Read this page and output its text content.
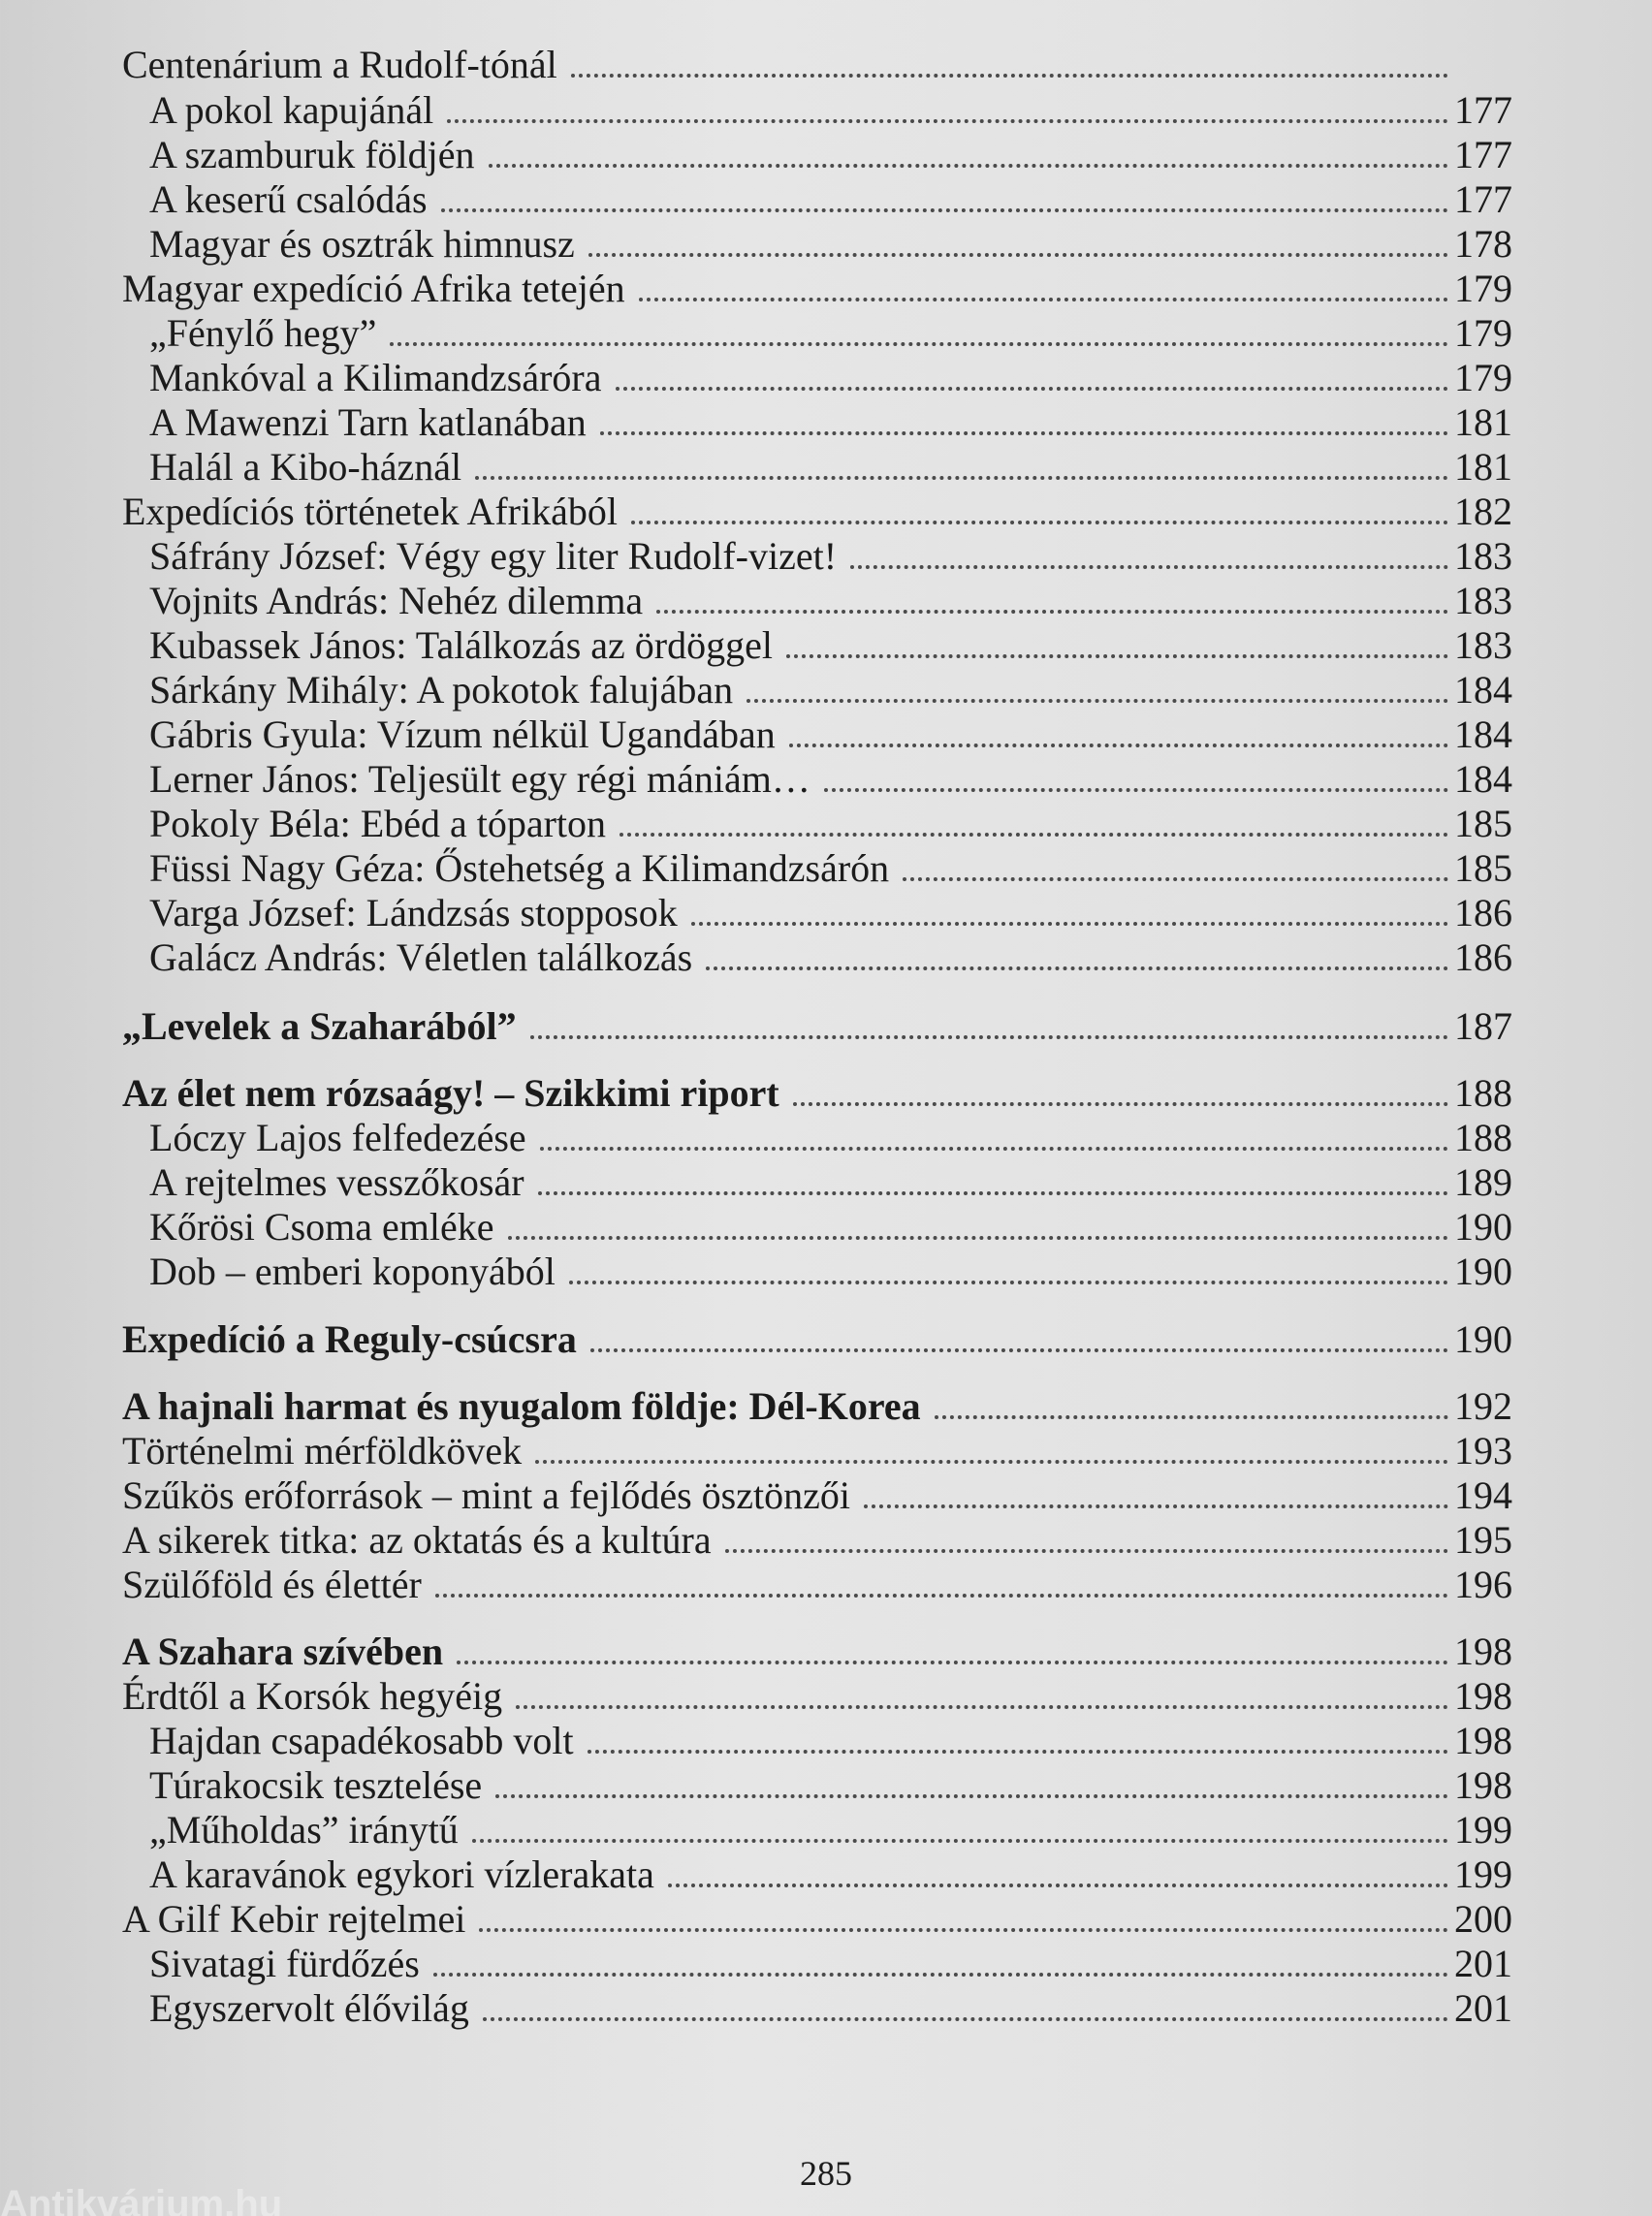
Centenárium a Rudolf-tónál
A pokol kapujánál	177
A szamburuk földjén	177
A keserű csalódás	177
Magyar és osztrák himnusz	178
Magyar expedíció Afrika tetején	179
„Fénylő hegy”	179
Mankóval a Kilimandzsáróra	179
A Mawenzi Tarn katlanában	181
Halál a Kibo-háznál	181
Expedíciós történetek Afrikából	182
Sáfrány József: Végy egy liter Rudolf-vizet!	183
Vojnits András: Nehéz dilemma	183
Kubassek János: Találkozás az ördöggel	183
Sárkány Mihály: A pokotok falujában	184
Gábris Gyula: Vízum nélkül Ugandában	184
Lerner János: Teljesült egy régi mániám…	184
Pokoly Béla: Ebéd a tóparton	185
Füssi Nagy Géza: Őstehetség a Kilimandzsárón	185
Varga József: Lándzsás stopposok	186
Galácz András: Véletlen találkozás	186
„Levelek a Szaharából”	187
Az élet nem rózsaágy! – Szikkimi riport	188
Lóczy Lajos felfedezése	188
A rejtelmes vesszőkosár	189
Kőrösi Csoma emléke	190
Dob – emberi koponyából	190
Expedíció a Reguly-csúcsra	190
A hajnali harmat és nyugalom földje: Dél-Korea	192
Történelmi mérföldkövek	193
Szűkös erőforrások – mint a fejlődés ösztönzői	194
A sikerek titka: az oktatás és a kultúra	195
Szülőföld és élettér	196
A Szahara szívében	198
Érdtől a Korsók hegyéig	198
Hajdan csapadékosabb volt	198
Túrakocsik tesztelése	198
„Műholdas” iránytű	199
A karavánok egykori vízlerakata	199
A Gilf Kebir rejtelmei	200
Sivatagi fürdőzés	201
Egyszervolt élővilág	201
285
Antikvárium.hu
